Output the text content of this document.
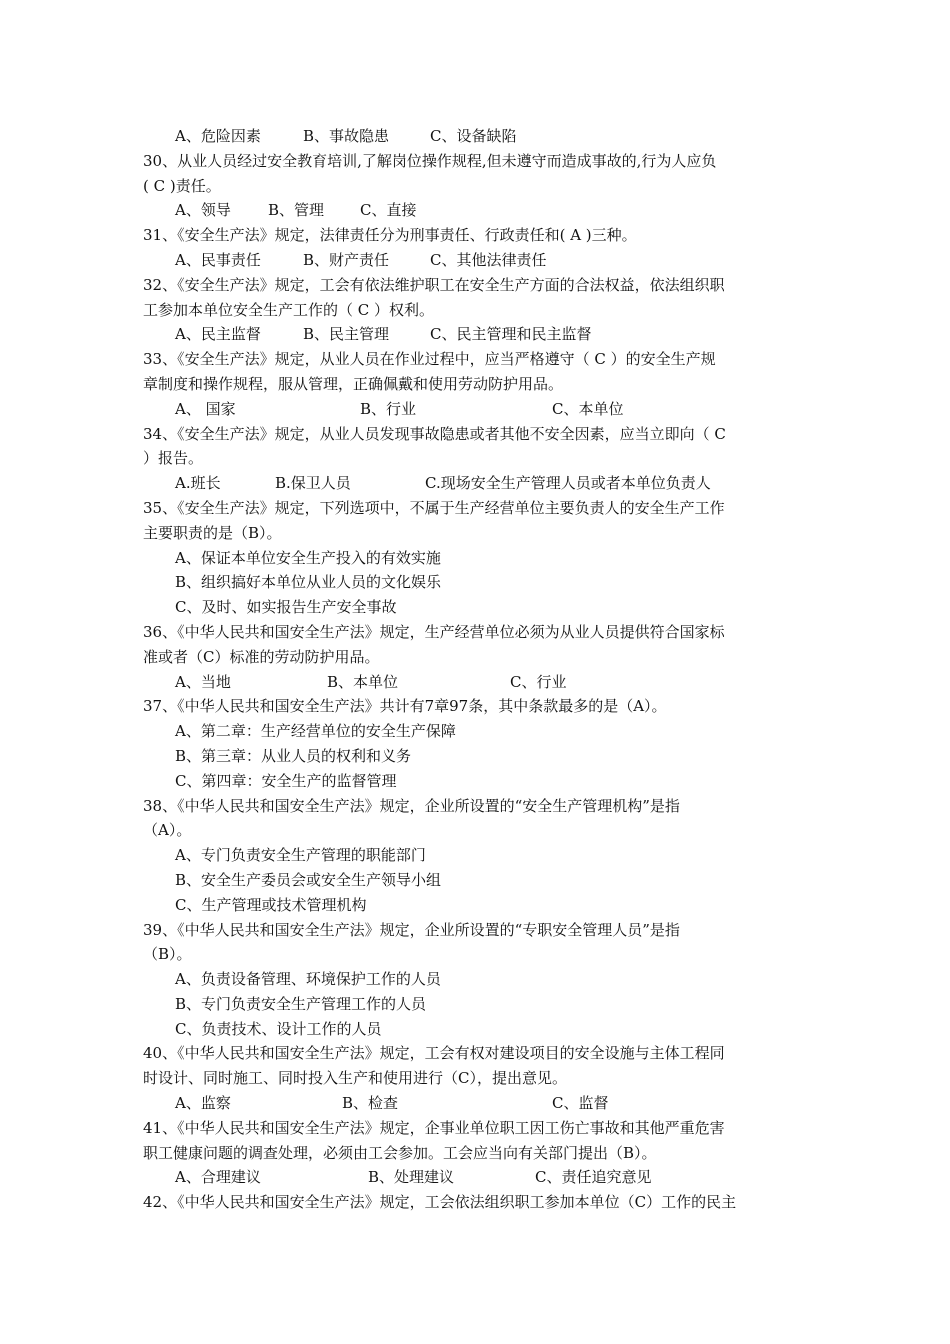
A、危险因素	B、事故隐患	C、设备缺陷
30、从业人员经过安全教育培训,了解岗位操作规程,但未遵守而造成事故的,行为人应负
( C )责任。
A、领导 B、管理 C、直接
31、《安全生产法》规定，法律责任分为刑事责任、行政责任和( A )三种。
A、民事责任	B、财产责任	C、其他法律责任
32、《安全生产法》规定，工会有依法维护职工在安全生产方面的合法权益，依法组织职
工参加本单位安全生产工作的（ C ）权利。
A、民主监督	B、民主管理	C、民主管理和民主监督
33、《安全生产法》规定，从业人员在作业过程中，应当严格遵守（ C ）的安全生产规
章制度和操作规程，服从管理，正确佩戴和使用劳动防护用品。
A、 国家	B、行业	C、本单位
34、《安全生产法》规定，从业人员发现事故隐患或者其他不安全因素，应当立即向（ C
）报告。
A.班长	B.保卫人员	C.现场安全生产管理人员或者本单位负责人
35、《安全生产法》规定，下列选项中，不属于生产经营单位主要负责人的安全生产工作
主要职责的是（B）。
A、保证本单位安全生产投入的有效实施
B、组织搞好本单位从业人员的文化娱乐
C、及时、如实报告生产安全事故
36、《中华人民共和国安全生产法》规定，生产经营单位必须为从业人员提供符合国家标
准或者（C）标准的劳动防护用品。
A、当地	B、本单位	C、行业
37、《中华人民共和国安全生产法》共计有7章97条，其中条款最多的是（A）。
A、第二章：生产经营单位的安全生产保障
B、第三章：从业人员的权利和义务
C、第四章：安全生产的监督管理
38、《中华人民共和国安全生产法》规定，企业所设置的“安全生产管理机构”是指
（A）。
A、专门负责安全生产管理的职能部门
B、安全生产委员会或安全生产领导小组
C、生产管理或技术管理机构
39、《中华人民共和国安全生产法》规定，企业所设置的“专职安全管理人员”是指
（B）。
A、负责设备管理、环境保护工作的人员
B、专门负责安全生产管理工作的人员
C、负责技术、设计工作的人员
40、《中华人民共和国安全生产法》规定，工会有权对建设项目的安全设施与主体工程同
时设计、同时施工、同时投入生产和使用进行（C），提出意见。
A、监察	B、检查	C、监督
41、《中华人民共和国安全生产法》规定，企事业单位职工因工伤亡事故和其他严重危害
职工健康问题的调查处理，必须由工会参加。工会应当向有关部门提出（B）。
A、合理建议	B、处理建议	C、责任追究意见
42、《中华人民共和国安全生产法》规定，工会依法组织职工参加本单位（C）工作的民主
